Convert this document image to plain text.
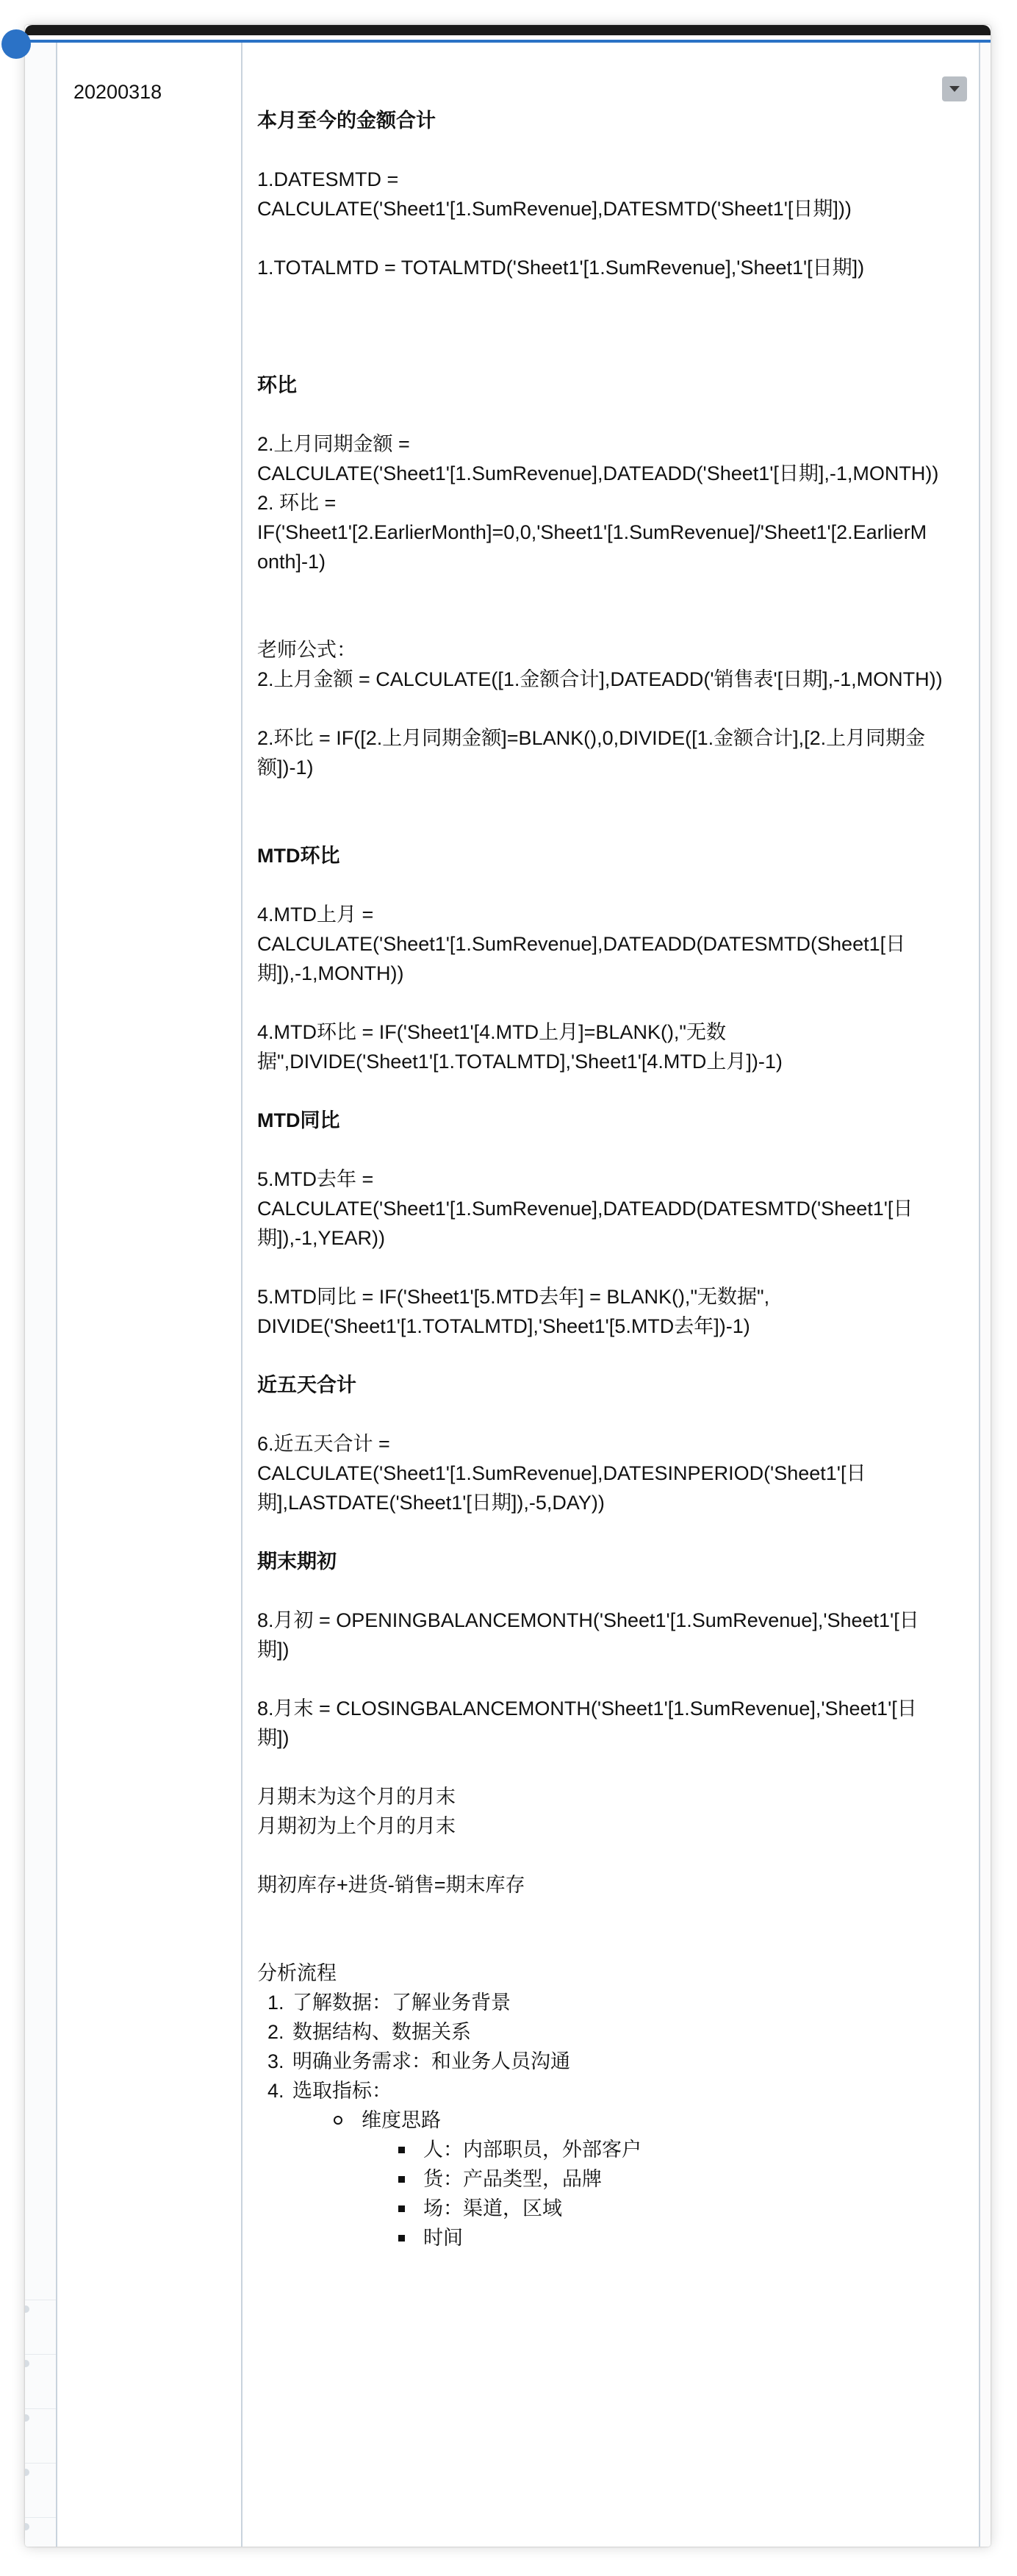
20200318

本月至今的金额合计

1.DATESMTD =

CALCULATE('Sheet1'[1.SumRevenue],DATESMTD('Sheet1'[日期]))

1.TOTALMTD = TOTALMTD('Sheet1'[1.SumRevenue],'Sheet1'[日期])

环比

2.上月同期金额 =

CALCULATE('Sheet1'[1.SumRevenue],DATEADD('Sheet1'[日期],-1,MONTH))

2. 环比 =

IF('Sheet1'[2.EarlierMonth]=0,0,'Sheet1'[1.SumRevenue]/'Sheet1'[2.EarlierM

onth]-1)

老师公式：

2.上月金额 = CALCULATE([1.金额合计],DATEADD('销售表'[日期],-1,MONTH))

2.环比 = IF([2.上月同期金额]=BLANK(),0,DIVIDE([1.金额合计],[2.上月同期金

额])-1)

MTD环比

4.MTD上月 =

CALCULATE('Sheet1'[1.SumRevenue],DATEADD(DATESMTD(Sheet1[日

期]),-1,MONTH))

4.MTD环比 = IF('Sheet1'[4.MTD上月]=BLANK(),"无数

据",DIVIDE('Sheet1'[1.TOTALMTD],'Sheet1'[4.MTD上月])-1)

MTD同比

5.MTD去年 =

CALCULATE('Sheet1'[1.SumRevenue],DATEADD(DATESMTD('Sheet1'[日

期]),-1,YEAR))

5.MTD同比 = IF('Sheet1'[5.MTD去年] = BLANK(),"无数据",

DIVIDE('Sheet1'[1.TOTALMTD],'Sheet1'[5.MTD去年])-1)

近五天合计

6.近五天合计 =

CALCULATE('Sheet1'[1.SumRevenue],DATESINPERIOD('Sheet1'[日

期],LASTDATE('Sheet1'[日期]),-5,DAY))

期末期初

8.月初 = OPENINGBALANCEMONTH('Sheet1'[1.SumRevenue],'Sheet1'[日

期])

8.月末 = CLOSINGBALANCEMONTH('Sheet1'[1.SumRevenue],'Sheet1'[日

期])

月期末为这个月的月末

月期初为上个月的月末

期初库存+进货-销售=期末库存

分析流程

1. 了解数据：了解业务背景
2. 数据结构、数据关系
3. 明确业务需求：和业务人员沟通
4. 选取指标：
维度思路
人：内部职员，外部客户
货：产品类型，品牌
场：渠道，区域
时间
